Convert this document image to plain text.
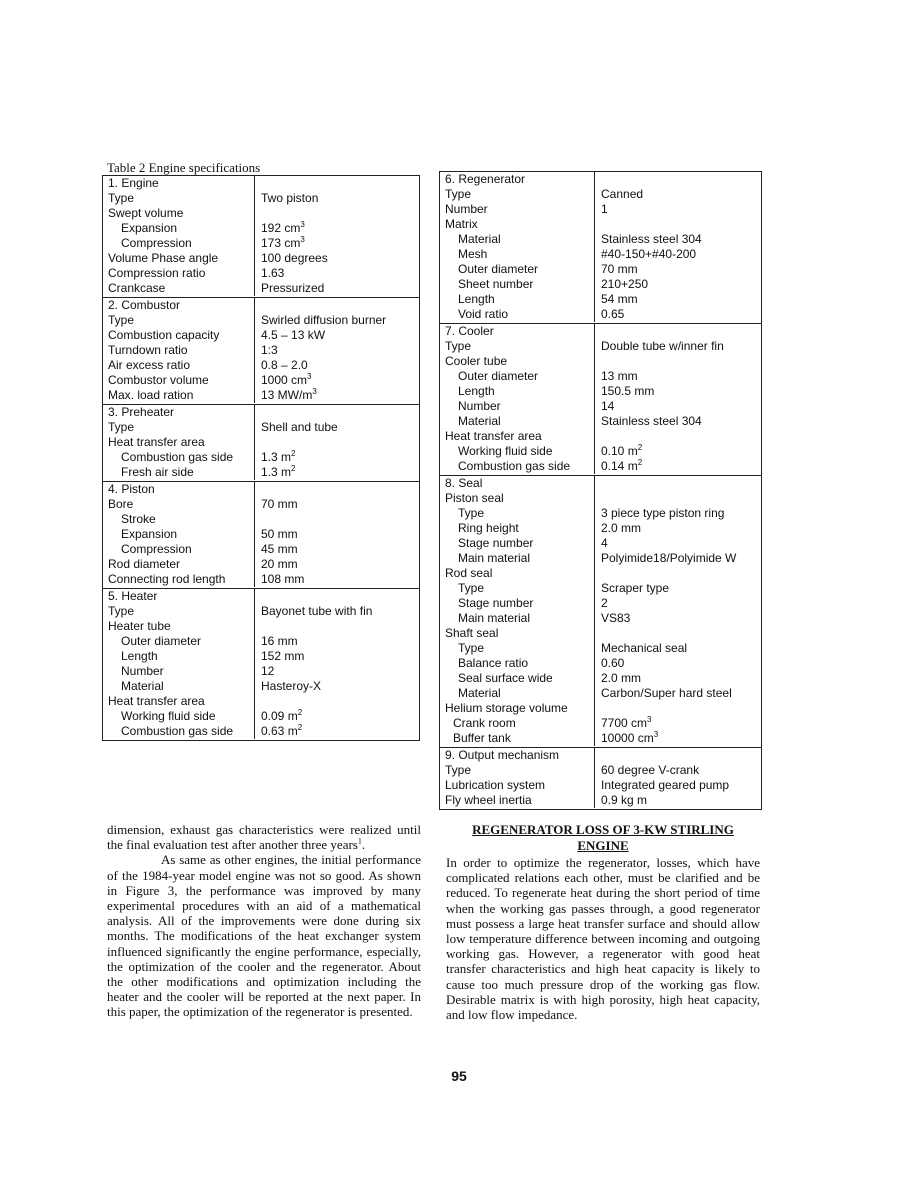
Table 2 Engine specifications
1. Engine
Type	Two piston
Swept volume
Expansion	192 $cm^3$
Compression	173 $cm^3$
Volume Phase angle	100 degrees
Compression ratio	1.63
Crankcase	Pressurized
2. Combustor
Type	Swirled diffusion burner
Combustion capacity	4.5 – 13 kW
Turndown ratio	1:3
Air excess ratio	0.8 – 2.0
Combustor volume	1000 $cm^3$
Max. load ration	13 $MW/m^3$
3. Preheater
Type	Shell and tube
Heat transfer area
Combustion gas side	1.3 $m^2$
Fresh air side	1.3 $m^2$
4. Piston
Bore	70 mm
Stroke
Expansion	50 mm
Compression	45 mm
Rod diameter	20 mm
Connecting rod length	108 mm
5. Heater
Type	Bayonet tube with fin
Heater tube
Outer diameter	16 mm
Length	152 mm
Number	12
Material	Hasteroy-X
Heat transfer area
Working fluid side	0.09 $m^2$
Combustion gas side	0.63 $m^2$
6. Regenerator
Type	Canned
Number	1
Matrix
Material	Stainless steel 304
Mesh	#40-150+#40-200
Outer diameter	70 mm
Sheet number	210+250
Length	54 mm
Void ratio	0.65
7. Cooler
Type	Double tube w/inner fin
Cooler tube
Outer diameter	13 mm
Length	150.5 mm
Number	14
Material	Stainless steel 304
Heat transfer area
Working fluid side	0.10 $m^2$
Combustion gas side	0.14 $m^2$
8. Seal
Piston seal
Type	3 piece type piston ring
Ring height	2.0 mm
Stage number	4
Main material	Polyimide18/Polyimide W
Rod seal
Type	Scraper type
Stage number	2
Main material	VS83
Shaft seal
Type	Mechanical seal
Balance ratio	0.60
Seal surface wide	2.0 mm
Material	Carbon/Super hard steel
Helium storage volume
Crank room	7700 $cm^3$
Buffer tank	10000 $cm^3$
9. Output mechanism
Type	60 degree V-crank
Lubrication system	Integrated geared pump
Fly wheel inertia	0.9 kg m

dimension, exhaust gas characteristics were realized until the final evaluation test after another three years$^1$.

As same as other engines, the initial performance of the 1984-year model engine was not so good. As shown in Figure 3, the performance was improved by many experimental procedures with an aid of a mathematical analysis. All of the improvements were done during six months. The modifications of the heat exchanger system influenced significantly the engine performance, especially, the optimization of the cooler and the regenerator. About the other modifications and optimization including the heater and the cooler will be reported at the next paper. In this paper, the optimization of the regenerator is presented.

REGENERATOR LOSS OF 3-KW STIRLING
ENGINE

In order to optimize the regenerator, losses, which have complicated relations each other, must be clarified and be reduced. To regenerate heat during the short period of time when the working gas passes through, a good regenerator must possess a large heat transfer surface and should allow low temperature difference between incoming and outgoing working gas. However, a regenerator with good heat transfer characteristics and high heat capacity is likely to cause too much pressure drop of the working gas flow. Desirable matrix is with high porosity, high heat capacity, and low flow impedance.

95
